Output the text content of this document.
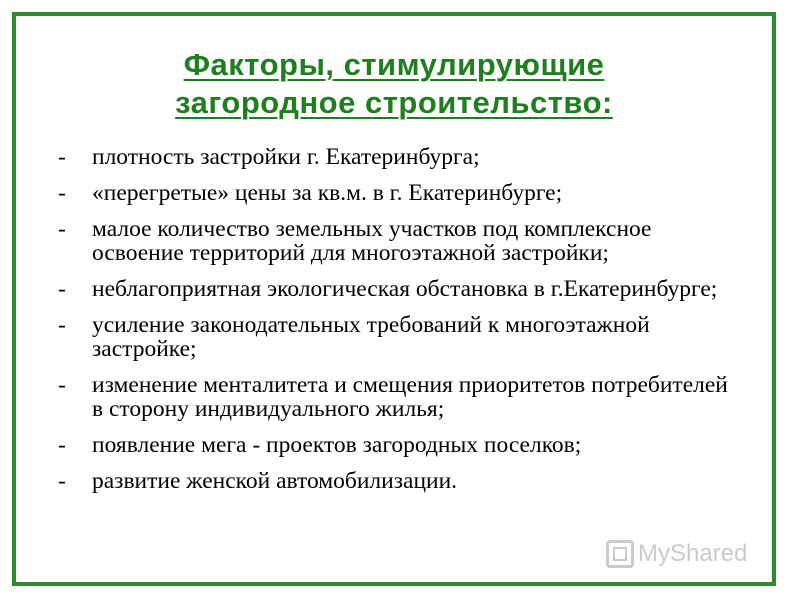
Факторы, стимулирующие
загородное строительство:
- плотность застройки г. Екатеринбурга;
- «перегретые» цены за кв.м. в г. Екатеринбурге;
- малое количество земельных участков под комплексное освоение территорий для многоэтажной застройки;
- неблагоприятная экологическая обстановка в г.Екатеринбурге;
- усиление законодательных требований к многоэтажной застройке;
- изменение менталитета и смещения приоритетов потребителей в сторону индивидуального жилья;
- появление мега - проектов загородных поселков;
- развитие женской автомобилизации.
MyShared
